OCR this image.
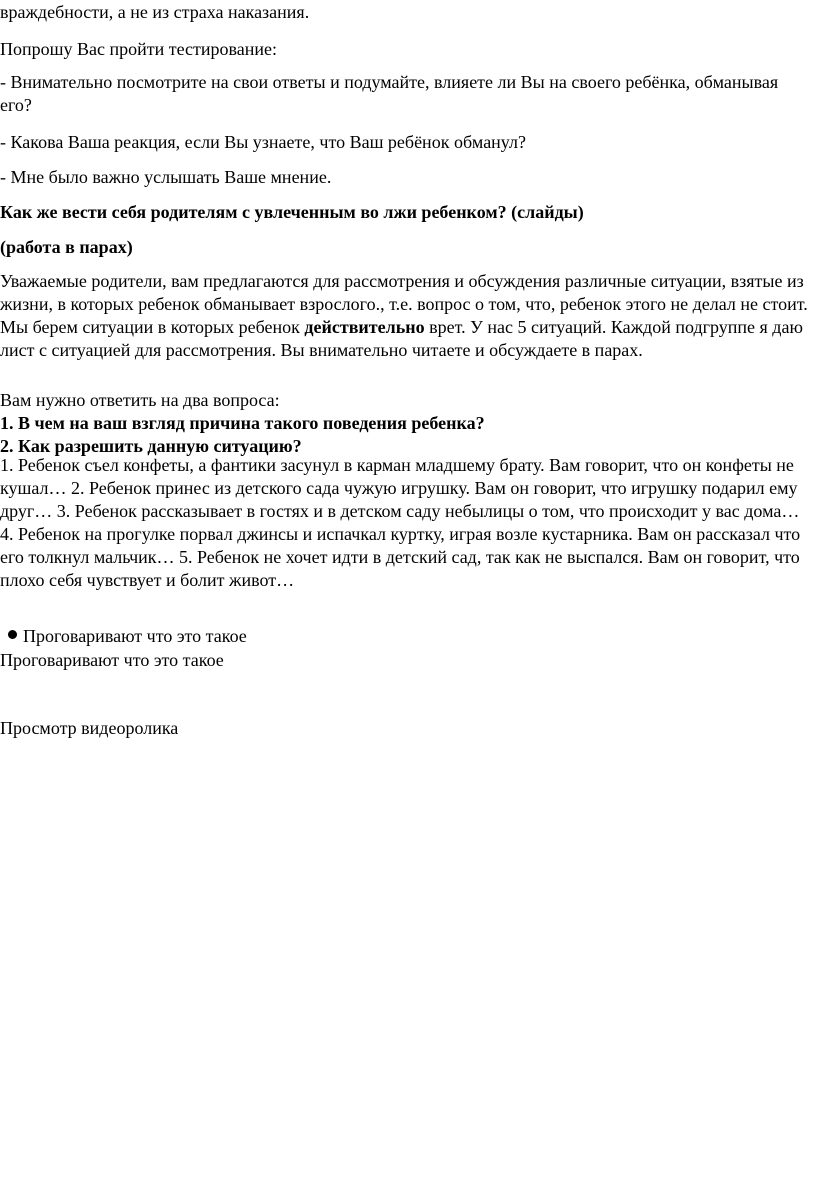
враждебности, а не из страха наказания.

Попрошу Вас пройти тестирование:

- Внимательно посмотрите на свои ответы и подумайте, влияете ли Вы на своего ребёнка, обманывая его?

- Какова Ваша реакция, если Вы узнаете, что Ваш ребёнок обманул?

- Мне было важно услышать Ваше мнение.

Как же вести себя родителям с увлеченным во лжи ребенком? (слайды)

(работа в парах)

Уважаемые родители, вам предлагаются для рассмотрения и обсуждения различные ситуации, взятые из жизни, в которых ребенок обманывает взрослого., т.е. вопрос о том, что, ребенок этого не делал не стоит. Мы берем ситуации в которых ребенок действительно врет. У нас 5 ситуаций. Каждой подгруппе я даю лист с ситуацией для рассмотрения. Вы внимательно читаете и обсуждаете в парах.

Вам нужно ответить на два вопроса:

1. В чем на ваш взгляд причина такого поведения ребенка?

2. Как разрешить данную ситуацию?

1. Ребенок съел конфеты, а фантики засунул в карман младшему брату. Вам говорит, что он конфеты не кушал… 2. Ребенок принес из детского сада чужую игрушку. Вам он говорит, что игрушку подарил ему друг… 3. Ребенок рассказывает в гостях и в детском саду небылицы о том, что происходит у вас дома… 4. Ребенок на прогулке порвал джинсы и испачкал куртку, играя возле кустарника. Вам он рассказал что его толкнул мальчик… 5. Ребенок не хочет идти в детский сад, так как не выспался. Вам он говорит, что плохо себя чувствует и болит живот…

Проговаривают что это такое

Проговаривают что это такое

Просмотр видеоролика
